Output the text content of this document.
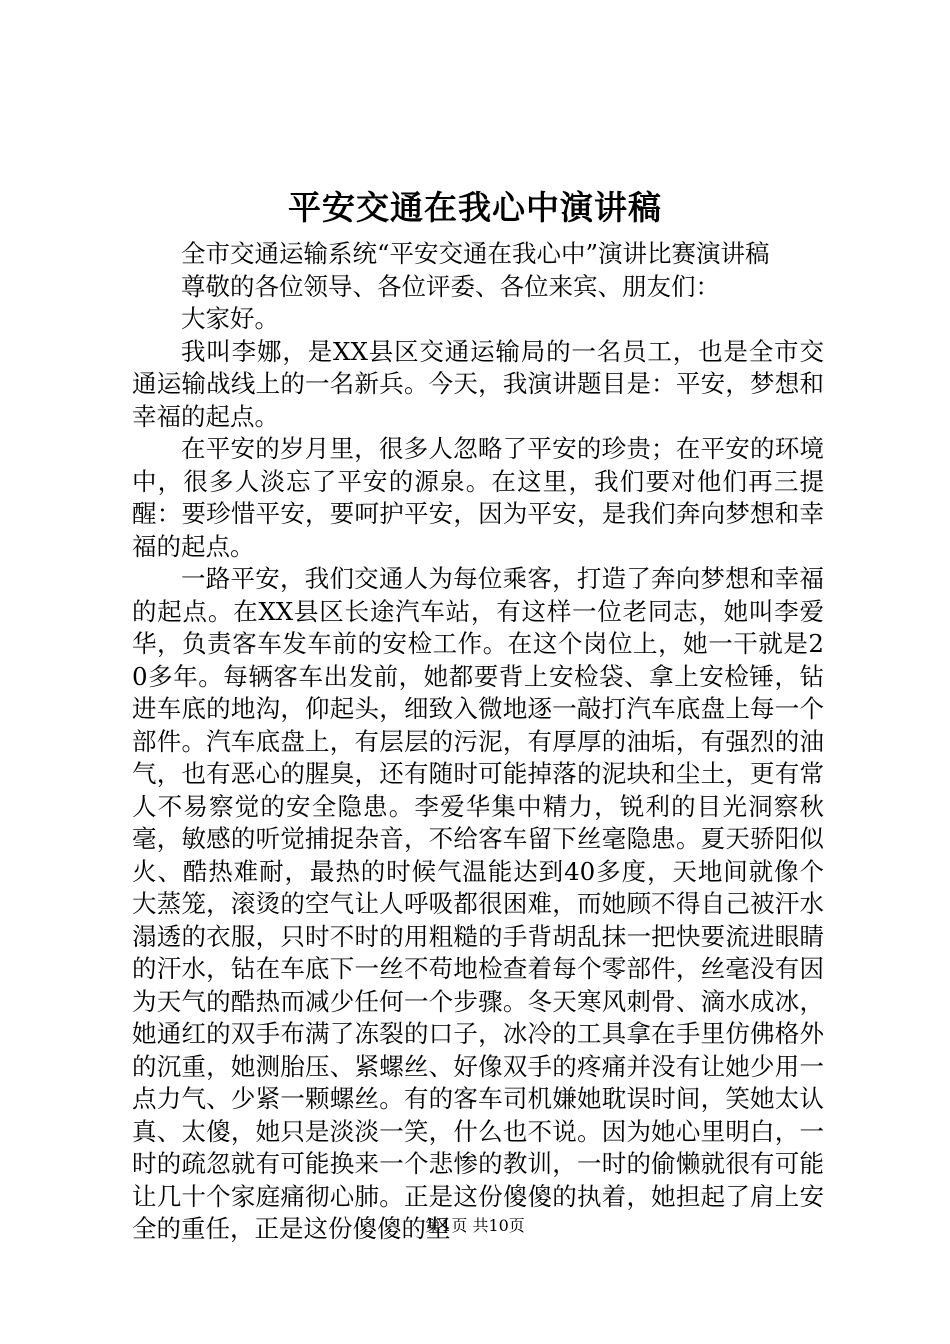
平安交通在我心中演讲稿

全市交通运输系统“平安交通在我心中”演讲比赛演讲稿

尊敬的各位领导、各位评委、各位来宾、朋友们：

大家好。

我叫李娜，是XX县区交通运输局的一名员工，也是全市交通运输战线上的一名新兵。今天，我演讲题目是：平安，梦想和幸福的起点。

在平安的岁月里，很多人忽略了平安的珍贵；在平安的环境中，很多人淡忘了平安的源泉。在这里，我们要对他们再三提醒：要珍惜平安，要呵护平安，因为平安，是我们奔向梦想和幸福的起点。

一路平安，我们交通人为每位乘客，打造了奔向梦想和幸福的起点。在XX县区长途汽车站，有这样一位老同志，她叫李爱华，负责客车发车前的安检工作。在这个岗位上，她一干就是20多年。每辆客车出发前，她都要背上安检袋、拿上安检锤，钻进车底的地沟，仰起头，细致入微地逐一敲打汽车底盘上每一个部件。汽车底盘上，有层层的污泥，有厚厚的油垢，有强烈的油气，也有恶心的腥臭，还有随时可能掉落的泥块和尘土，更有常人不易察觉的安全隐患。李爱华集中精力，锐利的目光洞察秋毫，敏感的听觉捕捉杂音，不给客车留下丝毫隐患。夏天骄阳似火、酷热难耐，最热的时候气温能达到40多度，天地间就像个大蒸笼，滚烫的空气让人呼吸都很困难，而她顾不得自己被汗水溻透的衣服，只时不时的用粗糙的手背胡乱抹一把快要流进眼睛的汗水，钻在车底下一丝不苟地检查着每个零部件，丝毫没有因为天气的酷热而减少任何一个步骤。冬天寒风刺骨、滴水成冰，她通红的双手布满了冻裂的口子，冰冷的工具拿在手里仿佛格外的沉重，她测胎压、紧螺丝、好像双手的疼痛并没有让她少用一点力气、少紧一颗螺丝。有的客车司机嫌她耽误时间，笑她太认真、太傻，她只是淡淡一笑，什么也不说。因为她心里明白，一时的疏忽就有可能换来一个悲惨的教训，一时的偷懒就很有可能让几十个家庭痛彻心肺。正是这份傻傻的执着，她担起了肩上安全的重任，正是这份傻傻的坚

第1页 共10页
